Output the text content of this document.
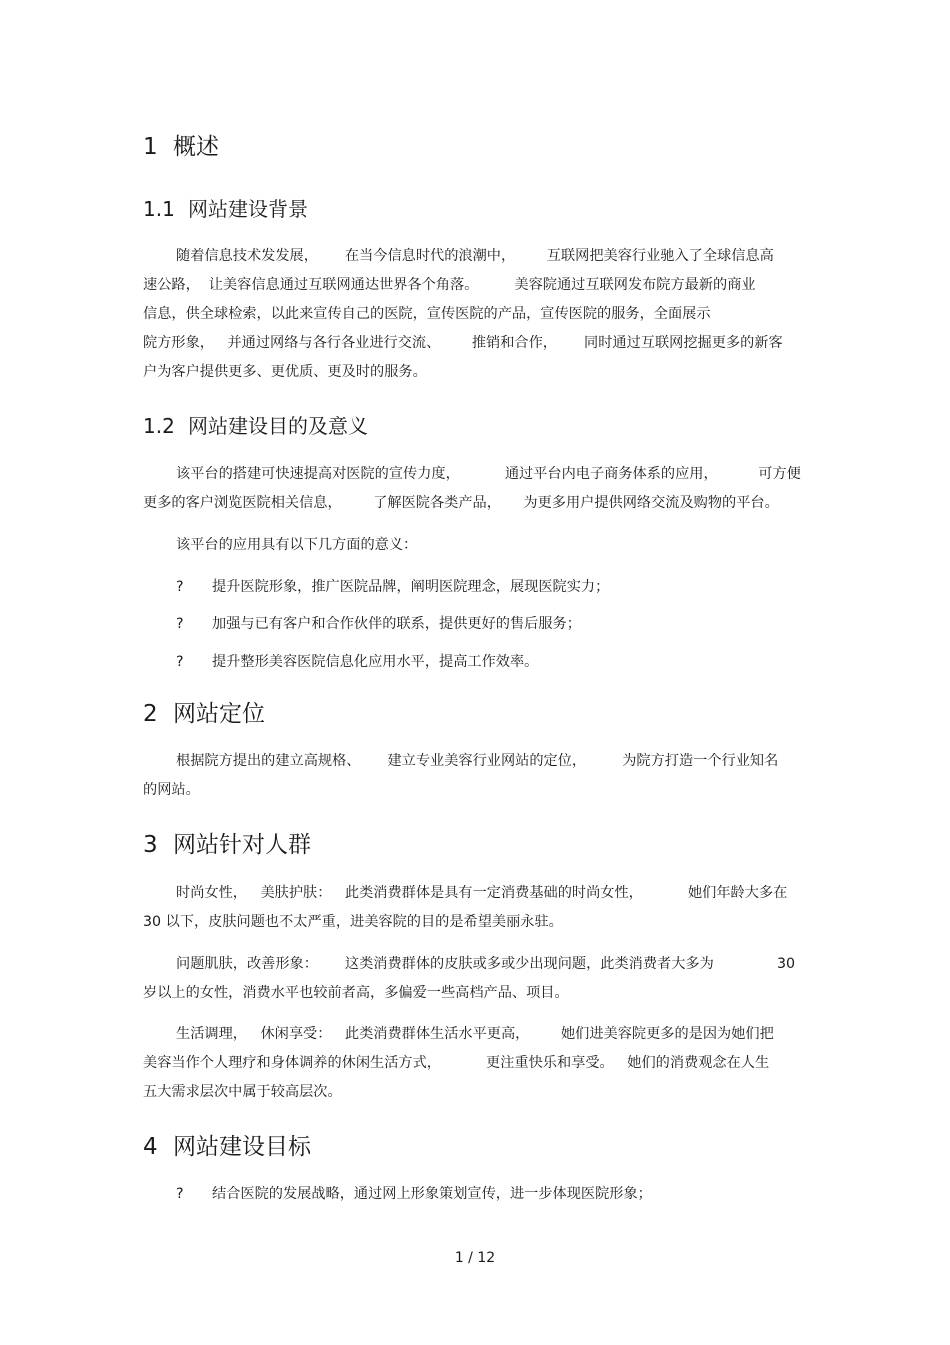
1 概述
1.1 网站建设背景
随着信息技术发发展，      在当今信息时代的浪潮中，       互联网把美容行业驰入了全球信息高
速公路，  让美容信息通过互联网通达世界各个角落。        美容院通过互联网发布院方最新的商业
信息，供全球检索，以此来宣传自己的医院，宣传医院的产品，宣传医院的服务，全面展示
院方形象，   并通过网络与各行各业进行交流、       推销和合作，      同时通过互联网挖掘更多的新客
户为客户提供更多、更优质、更及时的服务。
1.2 网站建设目的及意义
该平台的搭建可快速提高对医院的宣传力度，          通过平台内电子商务体系的应用，         可方便
更多的客户浏览医院相关信息，       了解医院各类产品，     为更多用户提供网络交流及购物的平台。
该平台的应用具有以下几方面的意义：
? 提升医院形象，推广医院品牌，阐明医院理念，展现医院实力；
? 加强与已有客户和合作伙伴的联系，提供更好的售后服务；
? 提升整形美容医院信息化应用水平，提高工作效率。
2 网站定位
根据院方提出的建立高规格、      建立专业美容行业网站的定位，        为院方打造一个行业知名
的网站。
3 网站针对人群
时尚女性，   美肤护肤：   此类消费群体是具有一定消费基础的时尚女性，          她们年龄大多在
30 以下，皮肤问题也不太严重，进美容院的目的是希望美丽永驻。
问题肌肤，改善形象：      这类消费群体的皮肤或多或少出现问题，此类消费者大多为              30
岁以上的女性，消费水平也较前者高，多偏爱一些高档产品、项目。
生活调理，   休闲享受：   此类消费群体生活水平更高，       她们进美容院更多的是因为她们把
美容当作个人理疗和身体调养的休闲生活方式，          更注重快乐和享受。   她们的消费观念在人生
五大需求层次中属于较高层次。
4 网站建设目标
? 结合医院的发展战略，通过网上形象策划宣传，进一步体现医院形象；
1 / 12
